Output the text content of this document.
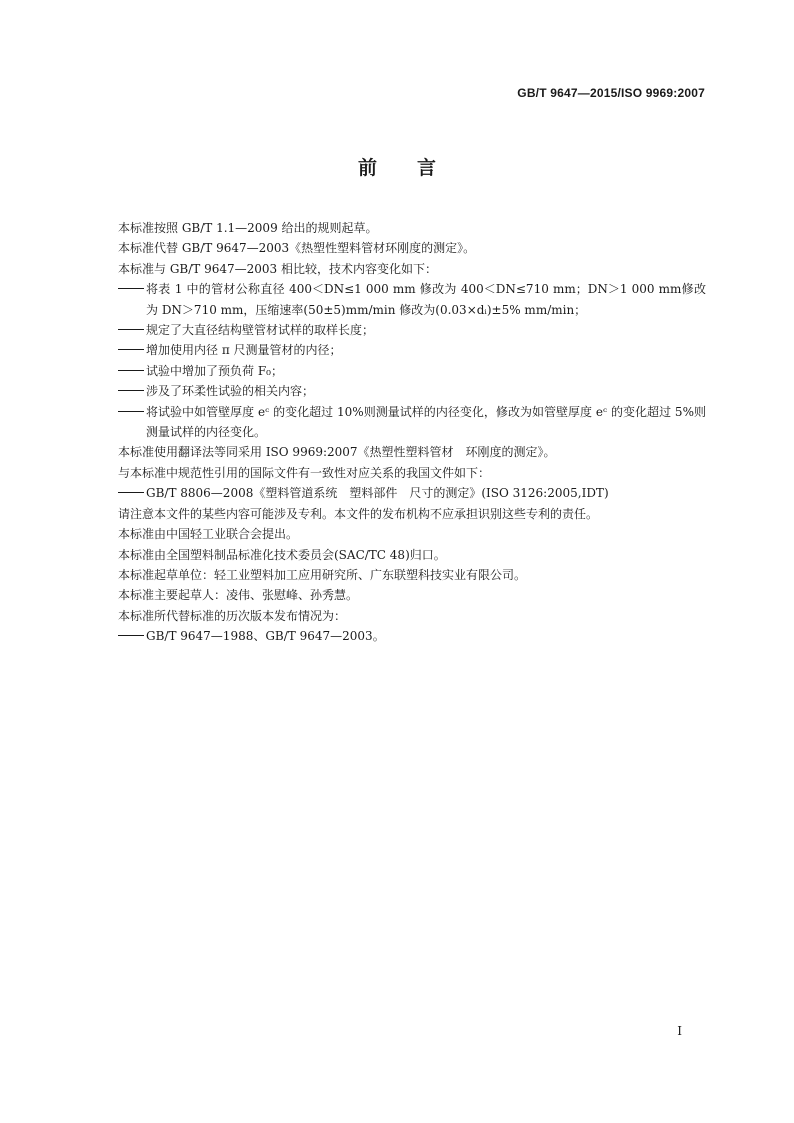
GB/T 9647—2015/ISO 9969:2007
前言

本标准按照 GB/T 1.1—2009 给出的规则起草。

本标准代替 GB/T 9647—2003《热塑性塑料管材环刚度的测定》。

本标准与 GB/T 9647—2003 相比较，技术内容变化如下：

将表 1 中的管材公称直径 400＜DN≤1 000 mm 修改为 400＜DN≤710 mm；DN＞1 000 mm修改为 DN＞710 mm，压缩速率(50±5)mm/min 修改为(0.03×dᵢ)±5% mm/min；
规定了大直径结构壁管材试样的取样长度；
增加使用内径 π 尺测量管材的内径；
试验中增加了预负荷 F₀；
涉及了环柔性试验的相关内容；
将试验中如管壁厚度 eᶜ 的变化超过 10%则测量试样的内径变化，修改为如管壁厚度 eᶜ 的变化超过 5%则测量试样的内径变化。

本标准使用翻译法等同采用 ISO 9969:2007《热塑性塑料管材　环刚度的测定》。

与本标准中规范性引用的国际文件有一致性对应关系的我国文件如下：

GB/T 8806—2008《塑料管道系统　塑料部件　尺寸的测定》(ISO 3126:2005,IDT)

请注意本文件的某些内容可能涉及专利。本文件的发布机构不应承担识别这些专利的责任。

本标准由中国轻工业联合会提出。

本标准由全国塑料制品标准化技术委员会(SAC/TC 48)归口。

本标准起草单位：轻工业塑料加工应用研究所、广东联塑科技实业有限公司。

本标准主要起草人：凌伟、张慰峰、孙秀慧。

本标准所代替标准的历次版本发布情况为：

GB/T 9647—1988、GB/T 9647—2003。
I
